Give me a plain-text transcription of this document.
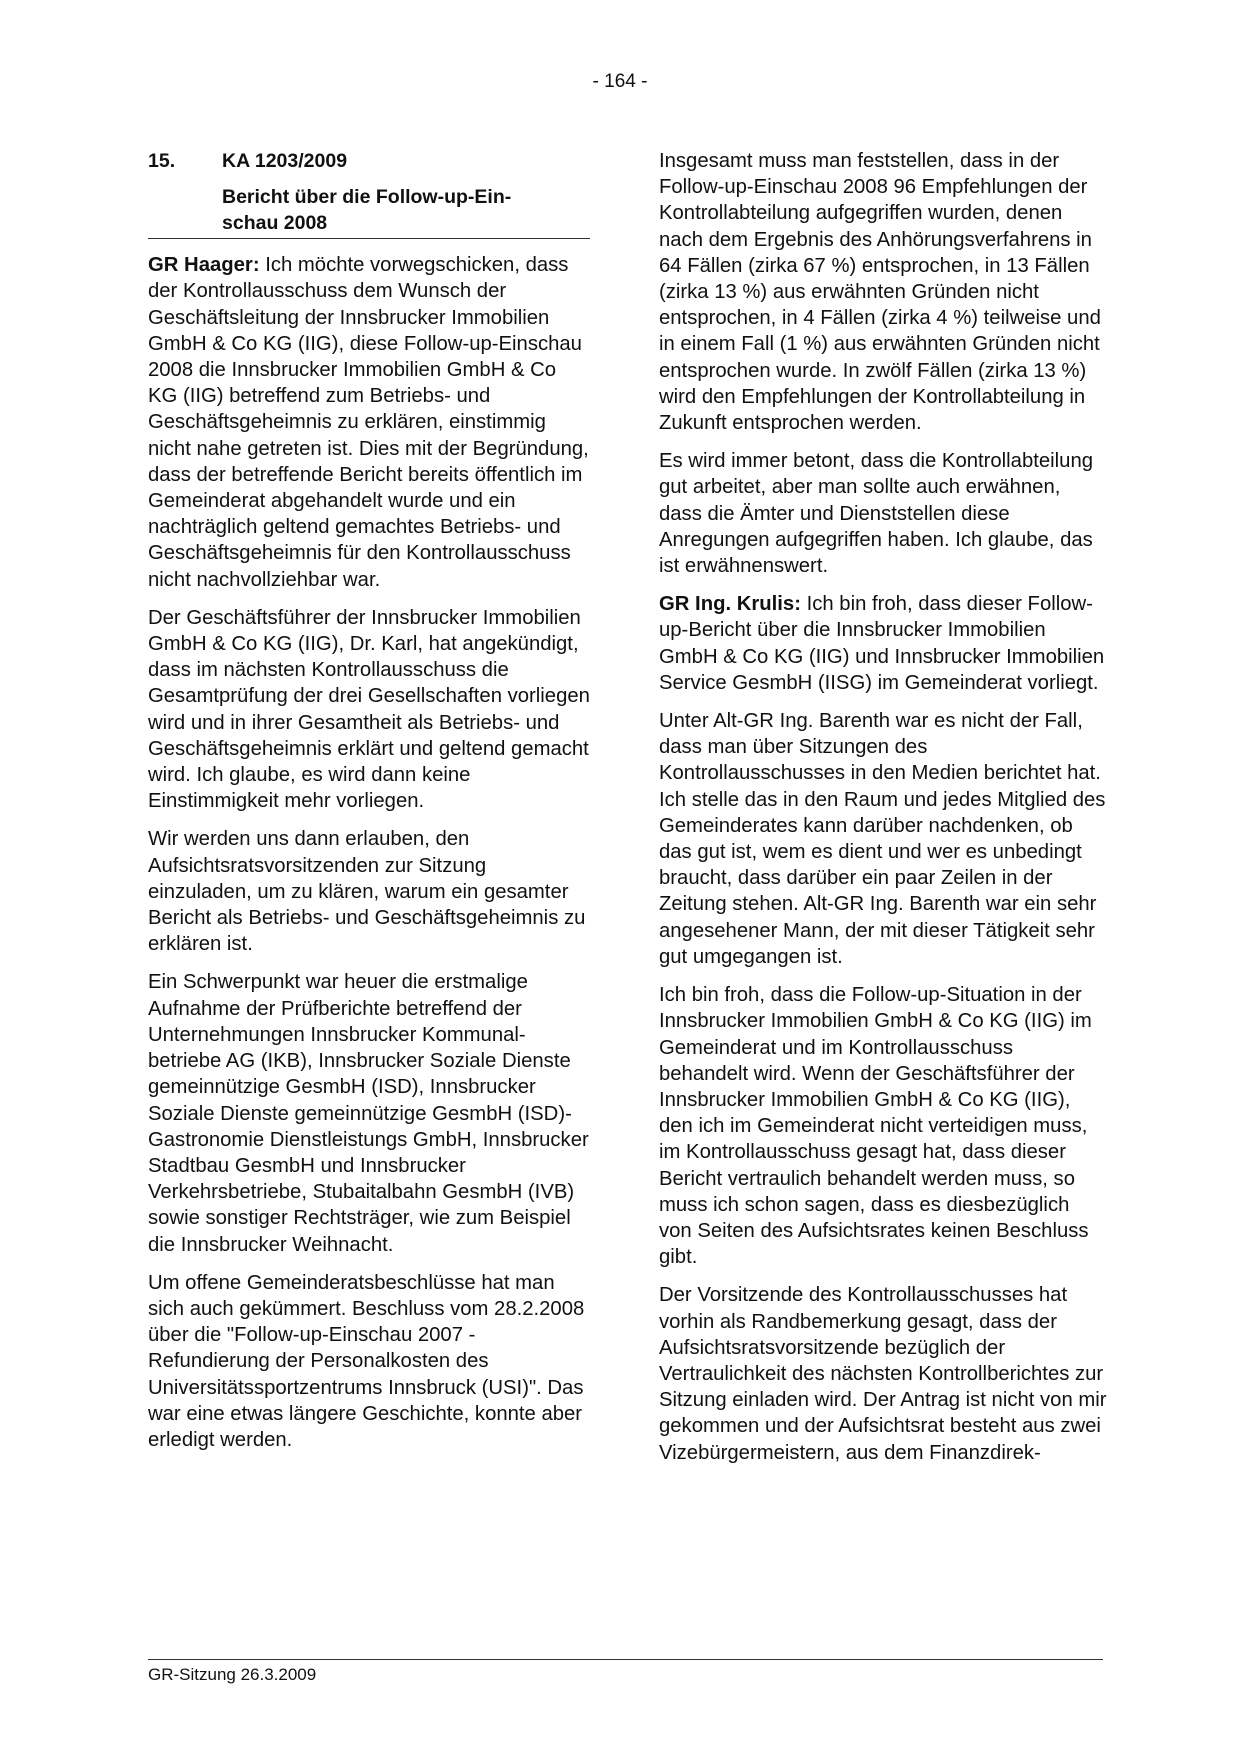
- 164 -
15.	KA 1203/2009
Bericht über die Follow-up-Ein-
schau 2008

GR Haager: Ich möchte vorwegschicken, dass der Kontrollausschuss dem Wunsch der Geschäftsleitung der Innsbrucker Immobilien GmbH & Co KG (IIG), diese Follow-up-Einschau 2008 die Innsbrucker Immobilien GmbH & Co KG (IIG) betreffend zum Betriebs- und Geschäftsgeheimnis zu erklären, einstimmig nicht nahe getreten ist. Dies mit der Begründung, dass der betreffende Bericht bereits öffentlich im Gemeinderat abgehandelt wurde und ein nachträglich geltend gemachtes Betriebs- und Geschäftsgeheimnis für den Kontrollausschuss nicht nachvollziehbar war.

Der Geschäftsführer der Innsbrucker Immobilien GmbH & Co KG (IIG), Dr. Karl, hat angekündigt, dass im nächsten Kontrollausschuss die Gesamtprüfung der drei Gesellschaften vorliegen wird und in ihrer Gesamtheit als Betriebs- und Geschäftsgeheimnis erklärt und geltend gemacht wird. Ich glaube, es wird dann keine Einstimmigkeit mehr vorliegen.

Wir werden uns dann erlauben, den Aufsichtsratsvorsitzenden zur Sitzung einzuladen, um zu klären, warum ein gesamter Bericht als Betriebs- und Geschäftsgeheimnis zu erklären ist.

Ein Schwerpunkt war heuer die erstmalige Aufnahme der Prüfberichte betreffend der Unternehmungen Innsbrucker Kommunalbetriebe AG (IKB), Innsbrucker Soziale Dienste gemeinnützige GesmbH (ISD), Innsbrucker Soziale Dienste gemeinnützige GesmbH (ISD)-Gastronomie Dienstleistungs GmbH, Innsbrucker Stadtbau GesmbH und Innsbrucker Verkehrsbetriebe, Stubaitalbahn GesmbH (IVB) sowie sonstiger Rechtsträger, wie zum Beispiel die Innsbrucker Weihnacht.

Um offene Gemeinderatsbeschlüsse hat man sich auch gekümmert. Beschluss vom 28.2.2008 über die "Follow-up-Einschau 2007 - Refundierung der Personalkosten des Universitätssportzentrums Innsbruck (USI)". Das war eine etwas längere Geschichte, konnte aber erledigt werden.

Insgesamt muss man feststellen, dass in der Follow-up-Einschau 2008 96 Empfehlungen der Kontrollabteilung aufgegriffen wurden, denen nach dem Ergebnis des Anhörungsverfahrens in 64 Fällen (zirka 67 %) entsprochen, in 13 Fällen (zirka 13 %) aus erwähnten Gründen nicht entsprochen, in 4 Fällen (zirka 4 %) teilweise und in einem Fall (1 %) aus erwähnten Gründen nicht entsprochen wurde. In zwölf Fällen (zirka 13 %) wird den Empfehlungen der Kontrollabteilung in Zukunft entsprochen werden.

Es wird immer betont, dass die Kontrollabteilung gut arbeitet, aber man sollte auch erwähnen, dass die Ämter und Dienststellen diese Anregungen aufgegriffen haben. Ich glaube, das ist erwähnenswert.

GR Ing. Krulis: Ich bin froh, dass dieser Follow-up-Bericht über die Innsbrucker Immobilien GmbH & Co KG (IIG) und Innsbrucker Immobilien Service GesmbH (IISG) im Gemeinderat vorliegt.

Unter Alt-GR Ing. Barenth war es nicht der Fall, dass man über Sitzungen des Kontrollausschusses in den Medien berichtet hat. Ich stelle das in den Raum und jedes Mitglied des Gemeinderates kann darüber nachdenken, ob das gut ist, wem es dient und wer es unbedingt braucht, dass darüber ein paar Zeilen in der Zeitung stehen. Alt-GR Ing. Barenth war ein sehr angesehener Mann, der mit dieser Tätigkeit sehr gut umgegangen ist.

Ich bin froh, dass die Follow-up-Situation in der Innsbrucker Immobilien GmbH & Co KG (IIG) im Gemeinderat und im Kontrollausschuss behandelt wird. Wenn der Geschäftsführer der Innsbrucker Immobilien GmbH & Co KG (IIG), den ich im Gemeinderat nicht verteidigen muss, im Kontrollausschuss gesagt hat, dass dieser Bericht vertraulich behandelt werden muss, so muss ich schon sagen, dass es diesbezüglich von Seiten des Aufsichtsrates keinen Beschluss gibt.

Der Vorsitzende des Kontrollausschusses hat vorhin als Randbemerkung gesagt, dass der Aufsichtsratsvorsitzende bezüglich der Vertraulichkeit des nächsten Kontrollberichtes zur Sitzung einladen wird. Der Antrag ist nicht von mir gekommen und der Aufsichtsrat besteht aus zwei Vizebürgermeistern, aus dem Finanzdirek-

GR-Sitzung 26.3.2009
